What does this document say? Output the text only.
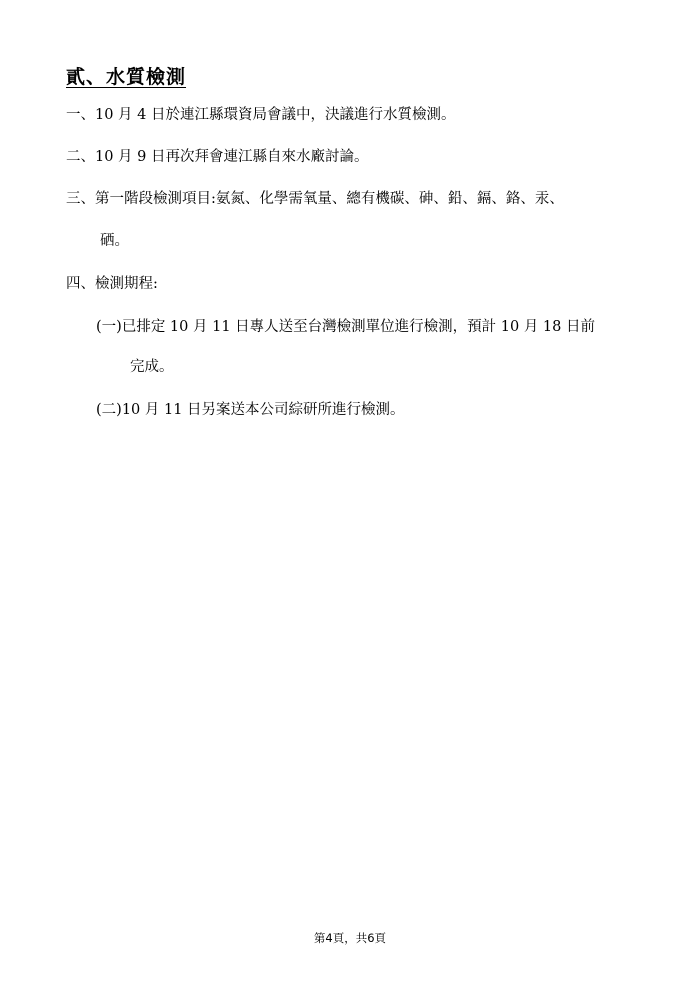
貳、水質檢測
一、10 月 4 日於連江縣環資局會議中，決議進行水質檢測。
二、10 月 9 日再次拜會連江縣自來水廠討論。
三、第一階段檢測項目:氨氮、化學需氧量、總有機碳、砷、鉛、鎘、鉻、汞、
硒。
四、檢測期程:
(一)已排定 10 月 11 日專人送至台灣檢測單位進行檢測，預計 10 月 18 日前
完成。
(二)10 月 11 日另案送本公司綜研所進行檢測。
第4頁，共6頁
